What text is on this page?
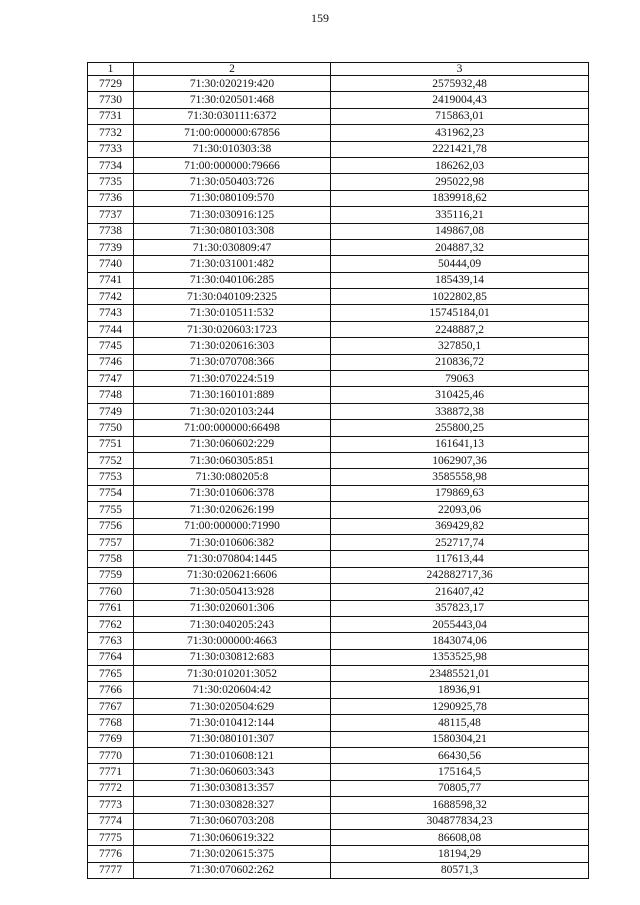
159
1	2	3
7729	71:30:020219:420	2575932,48
7730	71:30:020501:468	2419004,43
7731	71:30:030111:6372	715863,01
7732	71:00:000000:67856	431962,23
7733	71:30:010303:38	2221421,78
7734	71:00:000000:79666	186262,03
7735	71:30:050403:726	295022,98
7736	71:30:080109:570	1839918,62
7737	71:30:030916:125	335116,21
7738	71:30:080103:308	149867,08
7739	71:30:030809:47	204887,32
7740	71:30:031001:482	50444,09
7741	71:30:040106:285	185439,14
7742	71:30:040109:2325	1022802,85
7743	71:30:010511:532	15745184,01
7744	71:30:020603:1723	2248887,2
7745	71:30:020616:303	327850,1
7746	71:30:070708:366	210836,72
7747	71:30:070224:519	79063
7748	71:30:160101:889	310425,46
7749	71:30:020103:244	338872,38
7750	71:00:000000:66498	255800,25
7751	71:30:060602:229	161641,13
7752	71:30:060305:851	1062907,36
7753	71:30:080205:8	3585558,98
7754	71:30:010606:378	179869,63
7755	71:30:020626:199	22093,06
7756	71:00:000000:71990	369429,82
7757	71:30:010606:382	252717,74
7758	71:30:070804:1445	117613,44
7759	71:30:020621:6606	242882717,36
7760	71:30:050413:928	216407,42
7761	71:30:020601:306	357823,17
7762	71:30:040205:243	2055443,04
7763	71:30:000000:4663	1843074,06
7764	71:30:030812:683	1353525,98
7765	71:30:010201:3052	23485521,01
7766	71:30:020604:42	18936,91
7767	71:30:020504:629	1290925,78
7768	71:30:010412:144	48115,48
7769	71:30:080101:307	1580304,21
7770	71:30:010608:121	66430,56
7771	71:30:060603:343	175164,5
7772	71:30:030813:357	70805,77
7773	71:30:030828:327	1688598,32
7774	71:30:060703:208	304877834,23
7775	71:30:060619:322	86608,08
7776	71:30:020615:375	18194,29
7777	71:30:070602:262	80571,3
